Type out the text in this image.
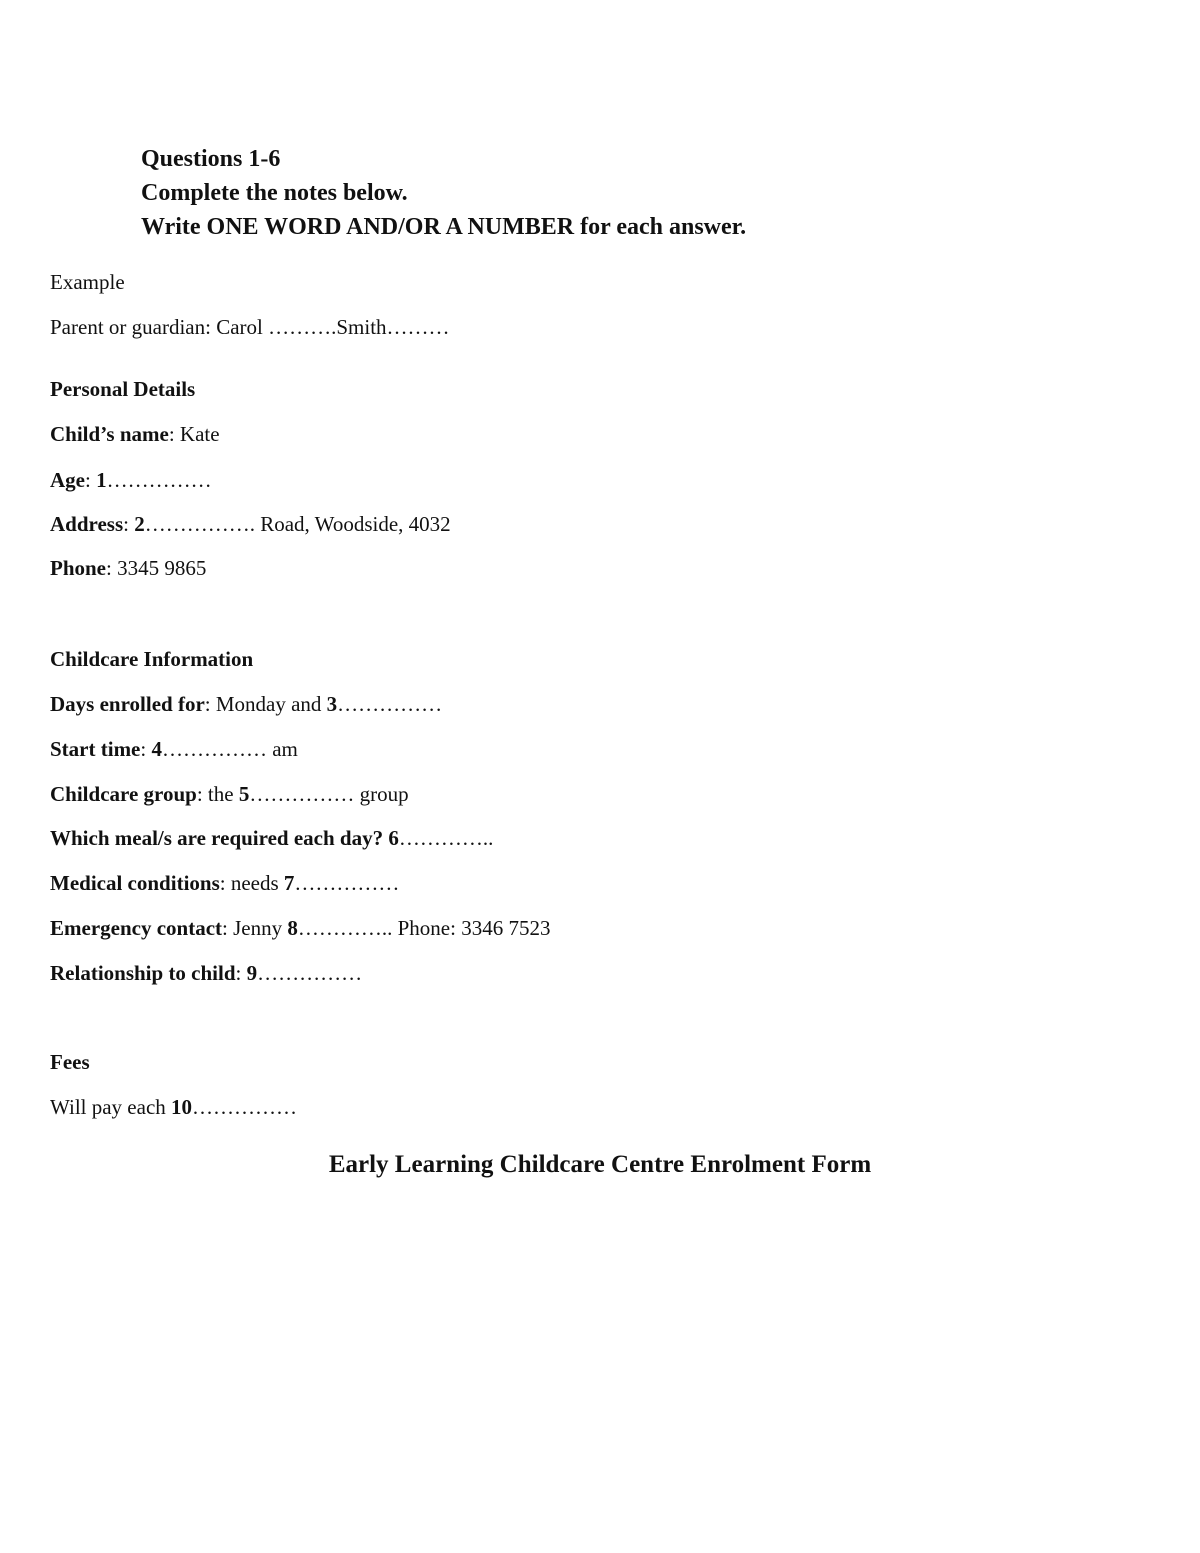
Questions 1-6
Complete the notes below.
Write ONE WORD AND/OR A NUMBER for each answer.
Example
Parent or guardian: Carol ……….Smith………
Personal Details
Child’s name: Kate
Age: 1……………
Address: 2……………. Road, Woodside, 4032
Phone: 3345 9865
Childcare Information
Days enrolled for: Monday and 3……………
Start time: 4…………… am
Childcare group: the 5…………… group
Which meal/s are required each day? 6…………..
Medical conditions: needs 7……………
Emergency contact: Jenny 8………….. Phone: 3346 7523
Relationship to child: 9……………
Fees
Will pay each 10……………
Early Learning Childcare Centre Enrolment Form
